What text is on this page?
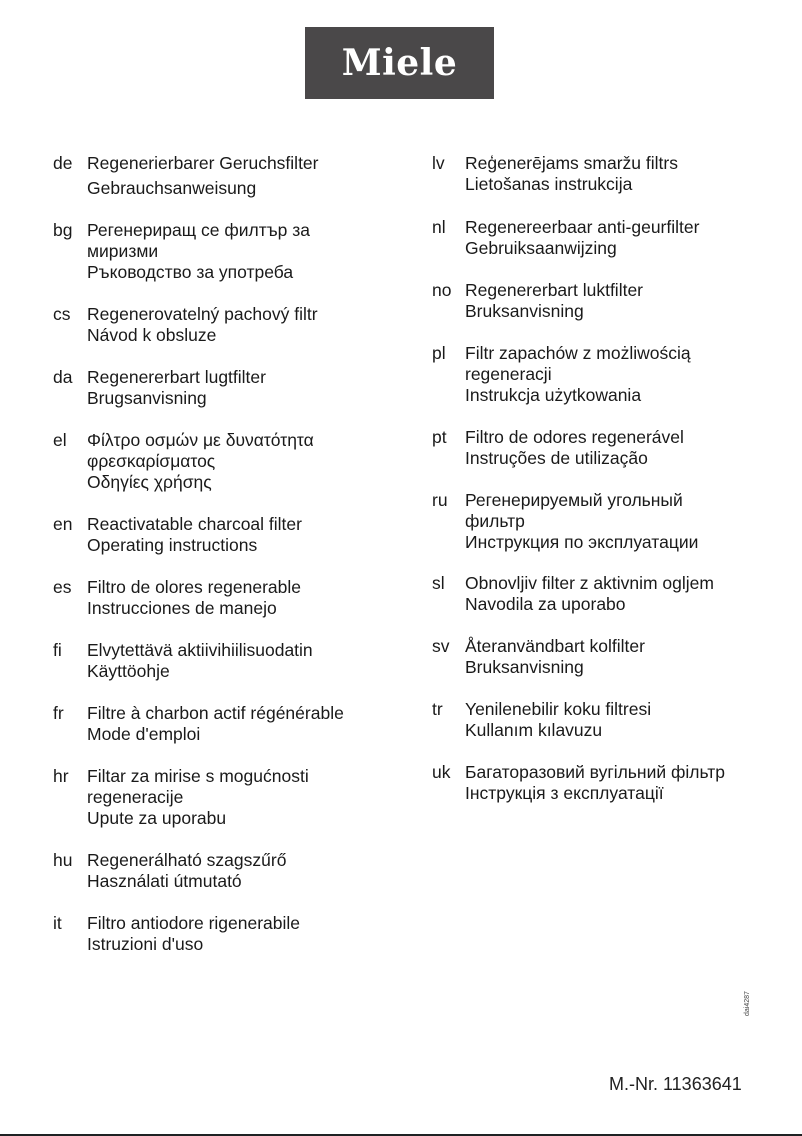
Miele
de Regenerierbarer Geruchsfilter
Gebrauchsanweisung
bg Регенериращ се филтър за
миризми
Ръководство за употреба
cs Regenerovatelný pachový filtr
Návod k obsluze
da Regenererbart lugtfilter
Brugsanvisning
el Φίλτρο οσμών με δυνατότητα
φρεσκαρίσματος
Οδηγίες χρήσης
en Reactivatable charcoal filter
Operating instructions
es Filtro de olores regenerable
Instrucciones de manejo
fi Elvytettävä aktiivihiilisuodatin
Käyttöohje
fr Filtre à charbon actif régénérable
Mode d'emploi
hr Filtar za mirise s mogućnosti
regeneracije
Upute za uporabu
hu Regenerálható szagszűrő
Használati útmutató
it Filtro antiodore rigenerabile
Istruzioni d'uso
lv Reģenerējams smaržu filtrs
Lietošanas instrukcija
nl Regenereerbaar anti-geurfilter
Gebruiksaanwijzing
no Regenererbart luktfilter
Bruksanvisning
pl Filtr zapachów z możliwością
regeneracji
Instrukcja użytkowania
pt Filtro de odores regenerável
Instruções de utilização
ru Регенерируемый угольный
фильтр
Инструкция по эксплуатации
sl Obnovljiv filter z aktivnim ogljem
Navodila za uporabo
sv Återanvändbart kolfilter
Bruksanvisning
tr Yenilenebilir koku filtresi
Kullanım kılavuzu
uk Багаторазовий вугільний фільтр
Інструкція з експлуатації
dai4287
M.-Nr. 11363641
